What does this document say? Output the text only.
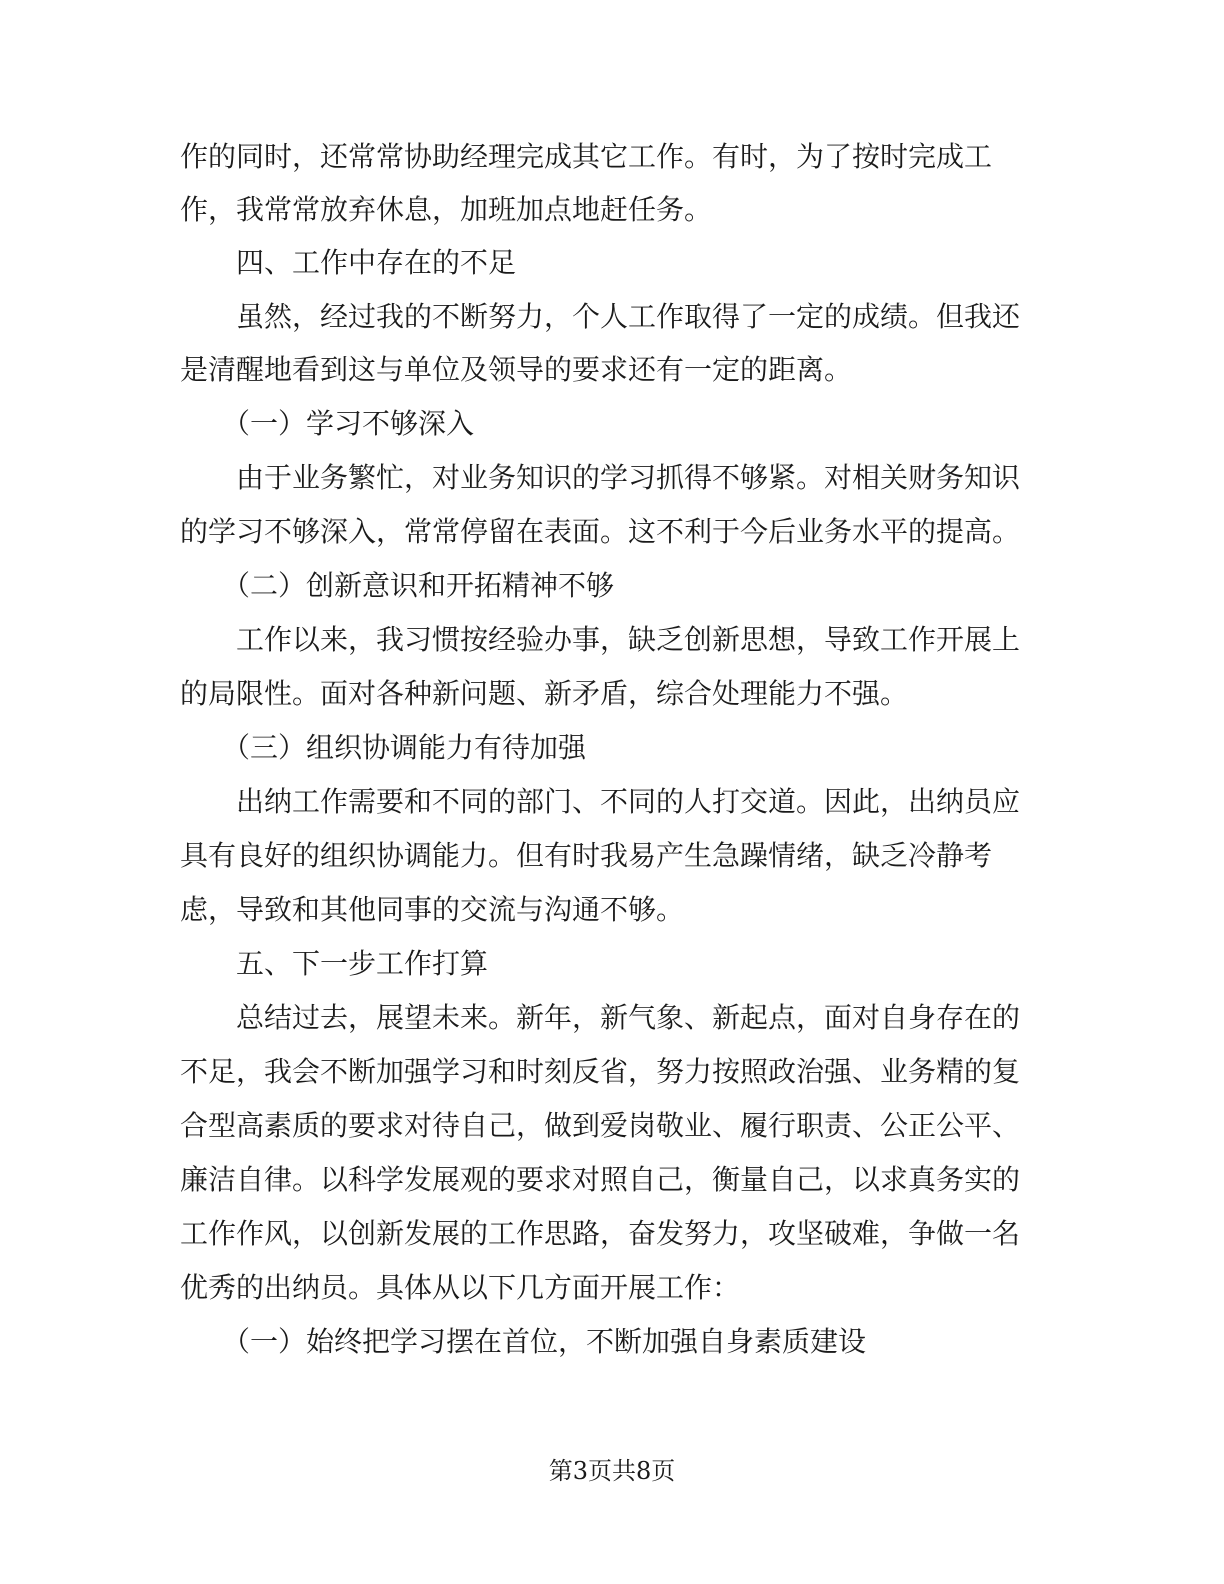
作的同时，还常常协助经理完成其它工作。有时，为了按时完成工
作，我常常放弃休息，加班加点地赶任务。
　　四、工作中存在的不足
　　虽然，经过我的不断努力，个人工作取得了一定的成绩。但我还
是清醒地看到这与单位及领导的要求还有一定的距离。
　　（一）学习不够深入
　　由于业务繁忙，对业务知识的学习抓得不够紧。对相关财务知识
的学习不够深入，常常停留在表面。这不利于今后业务水平的提高。
　　（二）创新意识和开拓精神不够
　　工作以来，我习惯按经验办事，缺乏创新思想，导致工作开展上
的局限性。面对各种新问题、新矛盾，综合处理能力不强。
　　（三）组织协调能力有待加强
　　出纳工作需要和不同的部门、不同的人打交道。因此，出纳员应
具有良好的组织协调能力。但有时我易产生急躁情绪，缺乏冷静考
虑，导致和其他同事的交流与沟通不够。
　　五、下一步工作打算
　　总结过去，展望未来。新年，新气象、新起点，面对自身存在的
不足，我会不断加强学习和时刻反省，努力按照政治强、业务精的复
合型高素质的要求对待自己，做到爱岗敬业、履行职责、公正公平、
廉洁自律。以科学发展观的要求对照自己，衡量自己，以求真务实的
工作作风，以创新发展的工作思路，奋发努力，攻坚破难，争做一名
优秀的出纳员。具体从以下几方面开展工作：
　　（一）始终把学习摆在首位，不断加强自身素质建设
第3页共8页
